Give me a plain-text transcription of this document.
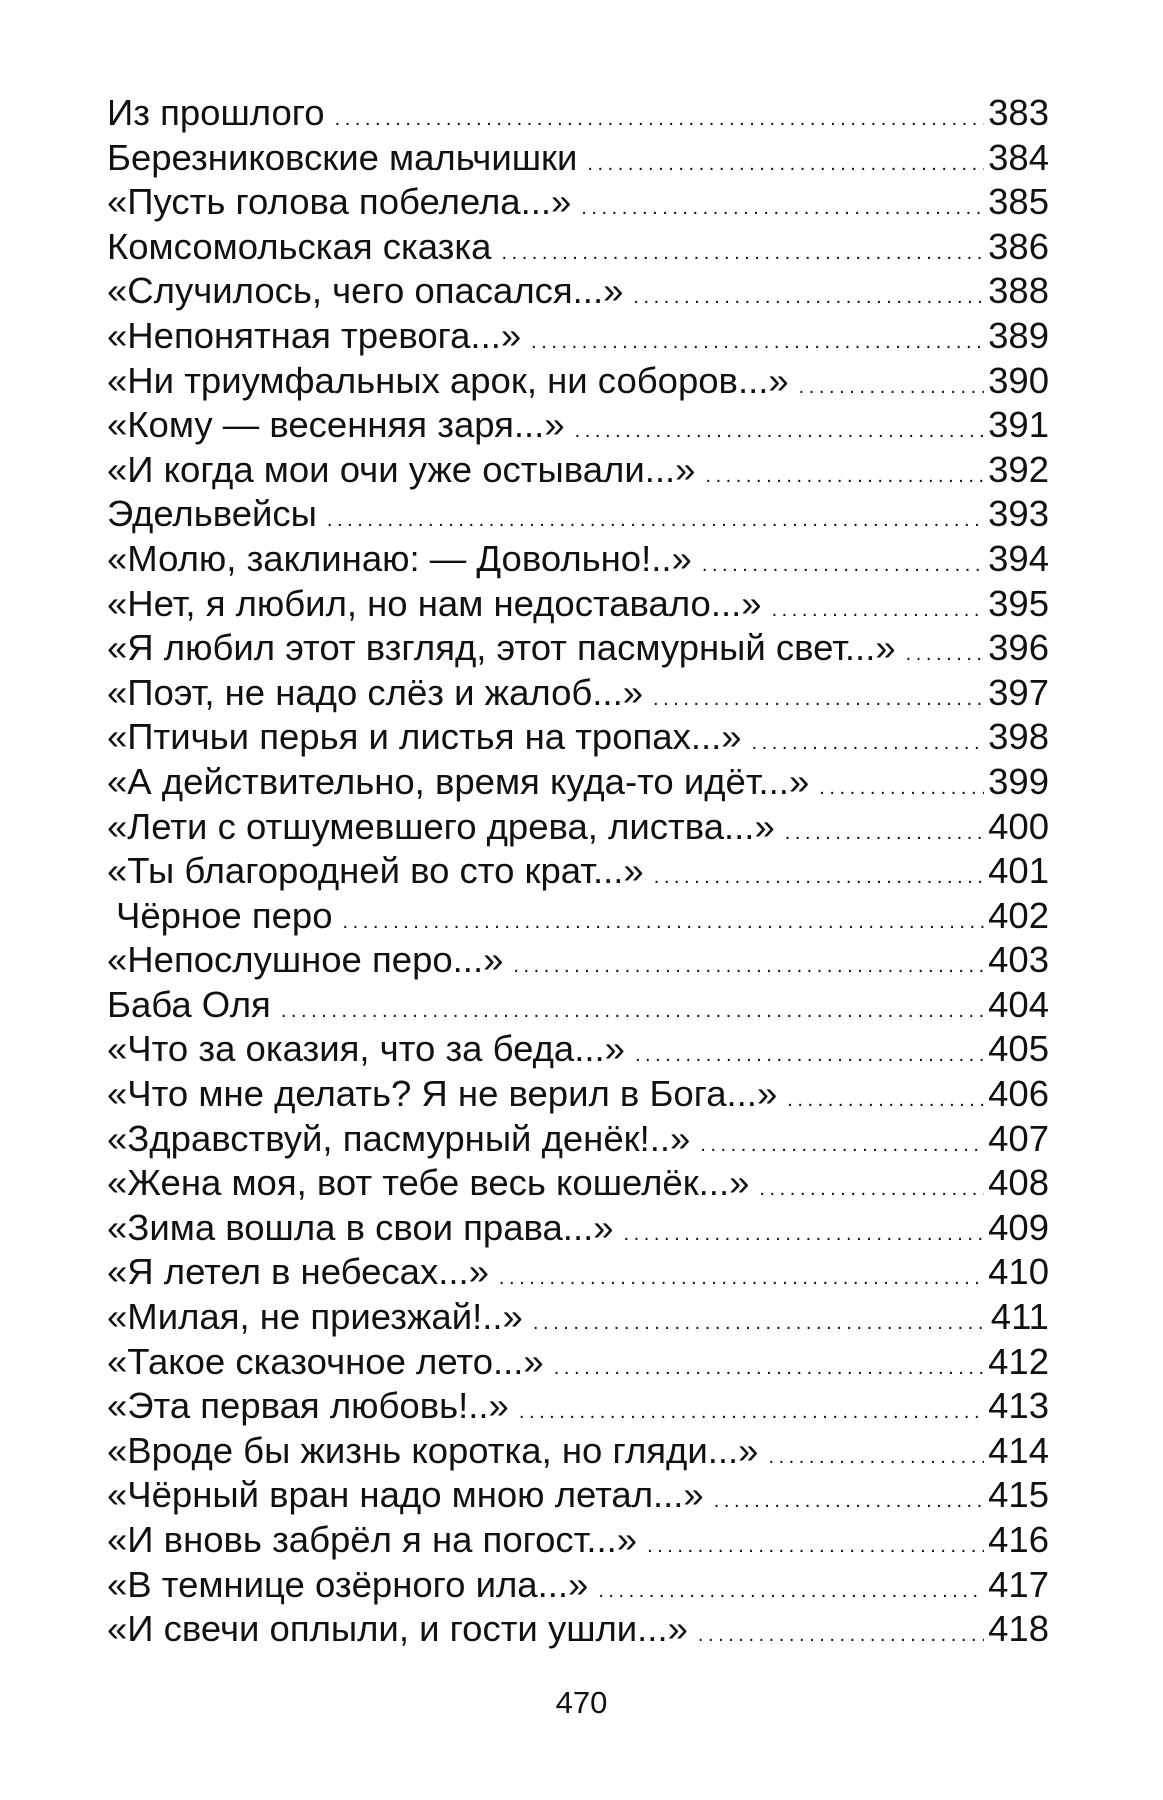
Из прошлого . . .	383
Березниковские мальчишки . . .	384
«Пусть голова побелела...» . . .	385
Комсомольская сказка . . .	386
«Случилось, чего опасался...» . . .	388
«Непонятная тревога...» . . .	389
«Ни триумфальных арок, ни соборов...» . . .	390
«Кому — весенняя заря...» . . .	391
«И когда мои очи уже остывали...» . . .	392
Эдельвейсы . . .	393
«Молю, заклинаю: — Довольно!..» . . .	394
«Нет, я любил, но нам недоставало...» . . .	395
«Я любил этот взгляд, этот пасмурный свет...» . . .	396
«Поэт, не надо слёз и жалоб...» . . .	397
«Птичьи перья и листья на тропах...» . . .	398
«А действительно, время куда-то идёт...» . . .	399
«Лети с отшумевшего древа, листва...» . . .	400
«Ты благородней во сто крат...» . . .	401
Чёрное перо . . .	402
«Непослушное перо...» . . .	403
Баба Оля . . .	404
«Что за оказия, что за беда...» . . .	405
«Что мне делать? Я не верил в Бога...» . . .	406
«Здравствуй, пасмурный денёк!..» . . .	407
«Жена моя, вот тебе весь кошелёк...» . . .	408
«Зима вошла в свои права...» . . .	409
«Я летел в небесах...» . . .	410
«Милая, не приезжай!..» . . .	411
«Такое сказочное лето...» . . .	412
«Эта первая любовь!..» . . .	413
«Вроде бы жизнь коротка, но гляди...» . . .	414
«Чёрный вран надо мною летал...» . . .	415
«И вновь забрёл я на погост...» . . .	416
«В темнице озёрного ила...» . . .	417
«И свечи оплыли, и гости ушли...» . . .	418
470
